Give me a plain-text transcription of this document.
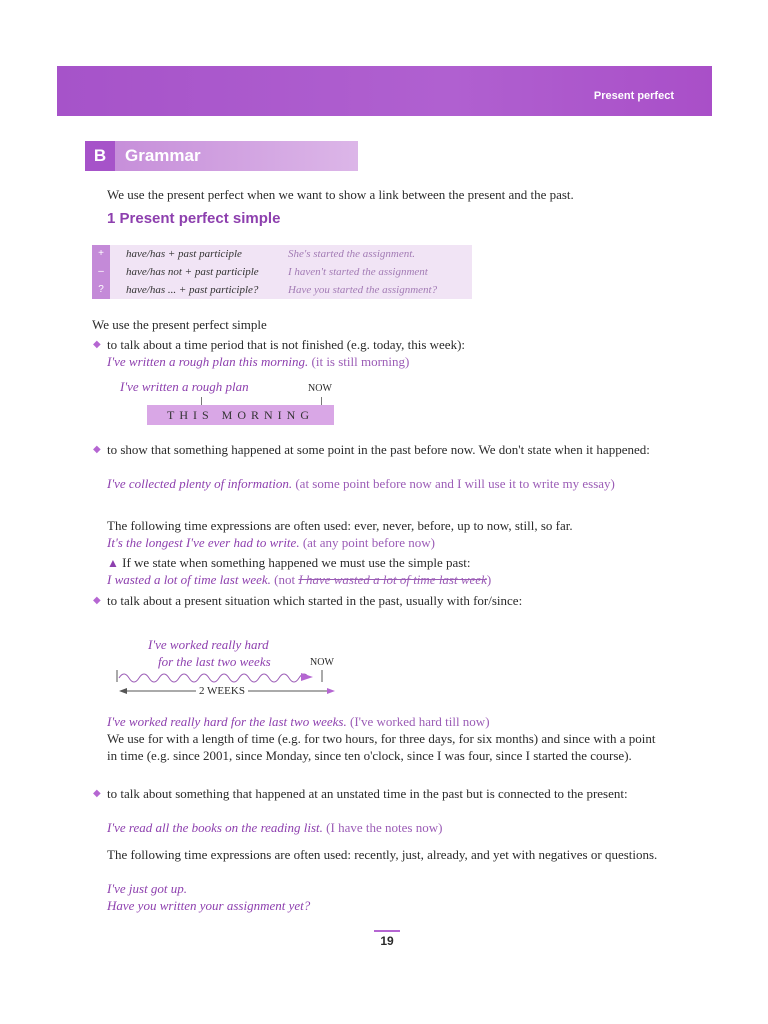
Present perfect
B	Grammar
We use the present perfect when we want to show a link between the present and the past.
1 Present perfect simple
+	have/has + past participle	She's started the assignment.
–	have/has not + past participle	I haven't started the assignment
?	have/has ... + past participle?	Have you started the assignment?
We use the present perfect simple
◆ to talk about a time period that is not finished (e.g. today, this week):
I've written a rough plan this morning. (it is still morning)
I've written a rough plan	NOW
THIS MORNING
◆ to show that something happened at some point in the past before now. We don't state when it happened:
I've collected plenty of information. (at some point before now and I will use it to write my essay)
The following time expressions are often used: ever, never, before, up to now, still, so far.
It's the longest I've ever had to write. (at any point before now)
▲ If we state when something happened we must use the simple past:
I wasted a lot of time last week. (not I have wasted a lot of time last week)
◆ to talk about a present situation which started in the past, usually with for/since:
I've worked really hard
for the last two weeks	NOW
2 WEEKS
I've worked really hard for the last two weeks. (I've worked hard till now)
We use for with a length of time (e.g. for two hours, for three days, for six months) and since with a point in time (e.g. since 2001, since Monday, since ten o'clock, since I was four, since I started the course).
◆ to talk about something that happened at an unstated time in the past but is connected to the present:
I've read all the books on the reading list. (I have the notes now)
The following time expressions are often used: recently, just, already, and yet with negatives or questions.
I've just got up.
Have you written your assignment yet?
19
